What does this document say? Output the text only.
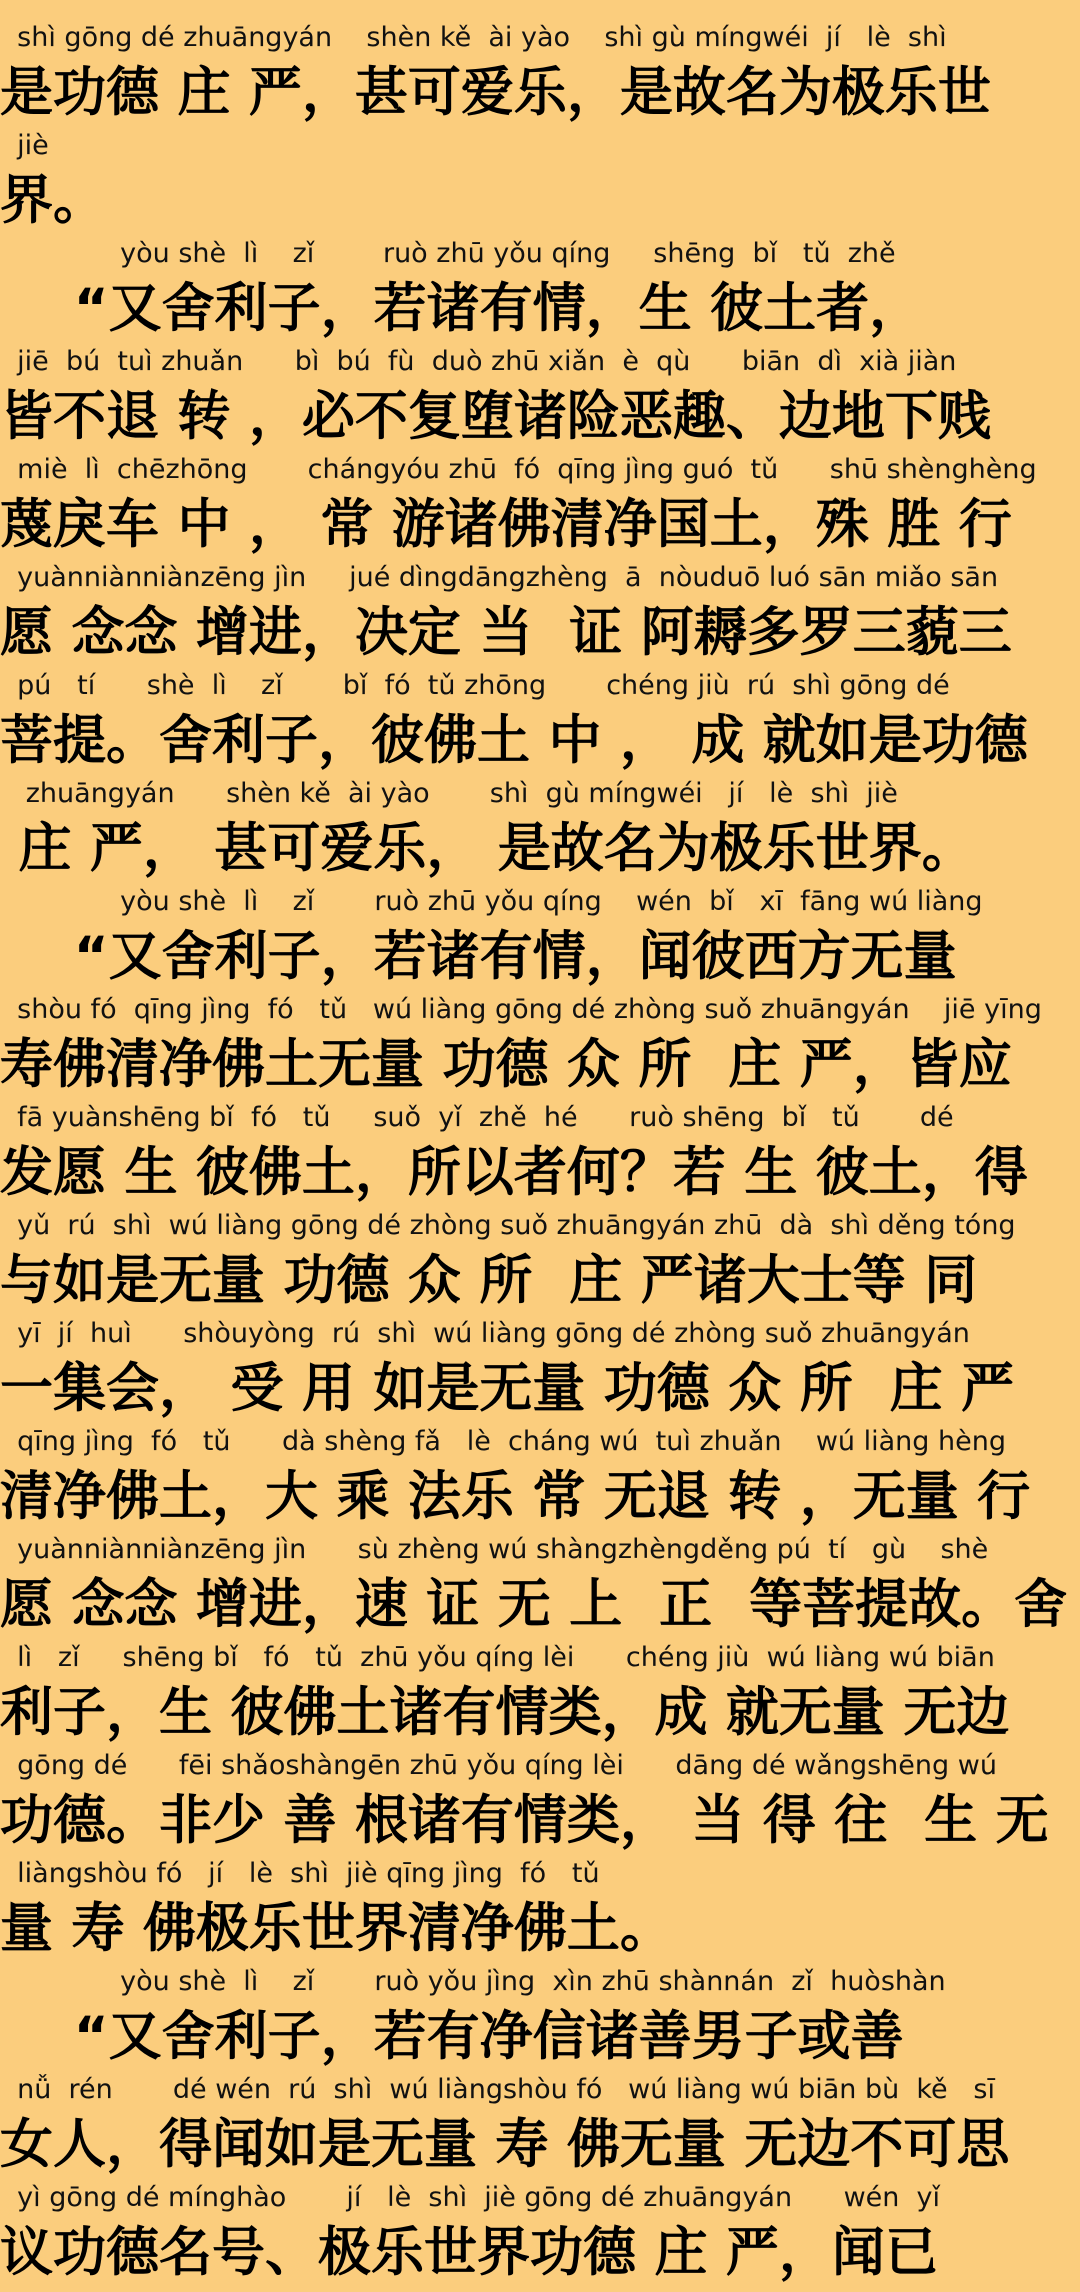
shì gōng dé zhuāngyán    shèn kě  ài yào    shì gù míngwéi  jí   lè  shì
是功德 庄 严，甚可爱乐，是故名为极乐世
jiè
界。
yòu shè  lì    zǐ        ruò zhū yǒu qíng     shēng  bǐ   tǔ  zhě
“又舍利子，若诸有情，生 彼土者，
jiē  bú  tuì zhuǎn      bì  bú  fù  duò zhū xiǎn  è  qù      biān  dì  xià jiàn
皆不退 转 ，必不复堕诸险恶趣、边地下贱
miè  lì  chēzhōng       chángyóu zhū  fó  qīng jìng guó  tǔ      shū shènghèng
蔑戾车 中 ， 常 游诸佛清净国土，殊 胜 行
yuànniànniànzēng jìn     jué dìngdāngzhèng  ā  nòuduō luó sān miǎo sān
愿 念念 增进，决定 当  证 阿耨多罗三藐三
pú   tí      shè  lì    zǐ       bǐ  fó  tǔ zhōng       chéng jiù  rú  shì gōng dé
菩提。舍利子，彼佛土 中 ， 成 就如是功德
zhuāngyán      shèn kě  ài yào       shì  gù míngwéi   jí   lè  shì  jiè
庄 严， 甚可爱乐， 是故名为极乐世界。
yòu shè  lì    zǐ       ruò zhū yǒu qíng    wén  bǐ   xī  fāng wú liàng
“又舍利子，若诸有情，闻彼西方无量
shòu fó  qīng jìng  fó   tǔ   wú liàng gōng dé zhòng suǒ zhuāngyán    jiē yīng
寿佛清净佛土无量 功德 众 所  庄 严，皆应
fā yuànshēng bǐ  fó   tǔ     suǒ  yǐ  zhě  hé      ruò shēng  bǐ   tǔ       dé
发愿 生 彼佛土，所以者何？若 生 彼土，得
yǔ  rú  shì  wú liàng gōng dé zhòng suǒ zhuāngyán zhū  dà  shì děng tóng
与如是无量 功德 众 所  庄 严诸大士等 同
yī  jí  huì      shòuyòng  rú  shì  wú liàng gōng dé zhòng suǒ zhuāngyán
一集会， 受 用 如是无量 功德 众 所  庄 严
qīng jìng  fó   tǔ      dà shèng fǎ   lè  cháng wú  tuì zhuǎn    wú liàng hèng
清净佛土，大 乘 法乐 常 无退 转 ，无量 行
yuànniànniànzēng jìn      sù zhèng wú shàngzhèngděng pú  tí   gù    shè
愿 念念 增进，速 证 无 上  正  等菩提故。舍
lì   zǐ     shēng bǐ   fó   tǔ  zhū yǒu qíng lèi      chéng jiù  wú liàng wú biān
利子，生 彼佛土诸有情类，成 就无量 无边
gōng dé      fēi shǎoshàngēn zhū yǒu qíng lèi      dāng dé wǎngshēng wú
功德。非少 善 根诸有情类， 当 得 往  生 无
liàngshòu fó   jí   lè  shì  jiè qīng jìng  fó   tǔ
量 寿 佛极乐世界清净佛土。
yòu shè  lì    zǐ       ruò yǒu jìng  xìn zhū shànnán  zǐ  huòshàn
“又舍利子，若有净信诸善男子或善
nǚ  rén       dé wén  rú  shì  wú liàngshòu fó   wú liàng wú biān bù  kě   sī
女人，得闻如是无量 寿 佛无量 无边不可思
yì gōng dé mínghào       jí   lè  shì  jiè gōng dé zhuāngyán      wén  yǐ
议功德名号、极乐世界功德 庄 严，闻已
